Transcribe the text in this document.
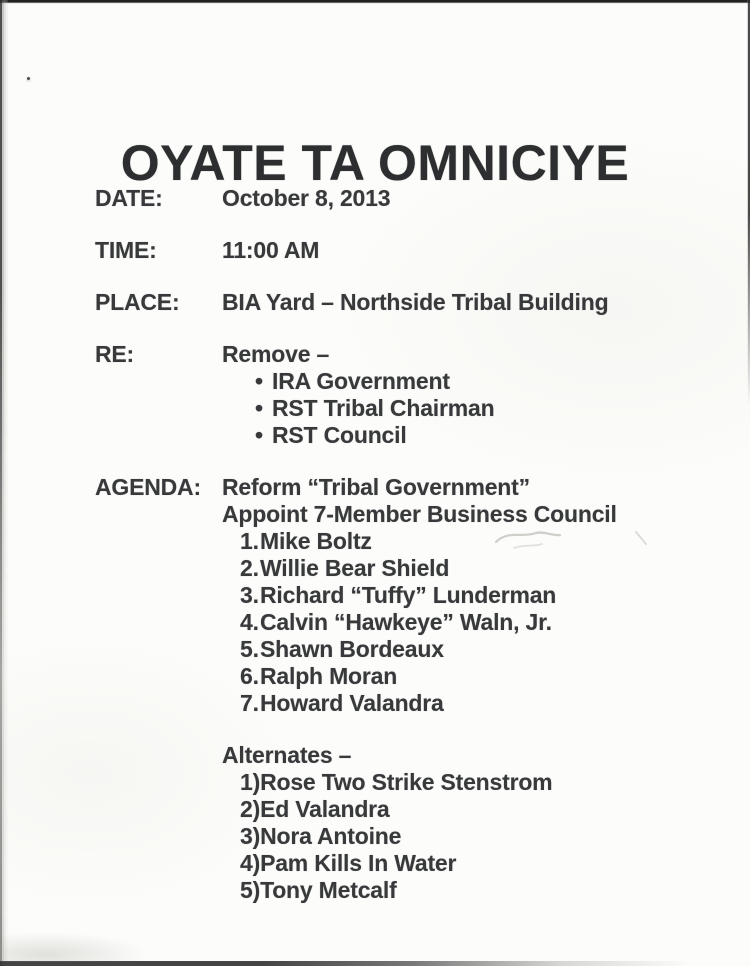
OYATE TA OMNICIYE
DATE:	October 8, 2013
TIME:	11:00 AM
PLACE:	BIA Yard – Northside Tribal Building
RE:	Remove –
• IRA Government
• RST Tribal Chairman
• RST Council
AGENDA: Reform “Tribal Government”
Appoint 7-Member Business Council
1.Mike Boltz
2.Willie Bear Shield
3.Richard “Tuffy” Lunderman
4.Calvin “Hawkeye” Waln, Jr.
5.Shawn Bordeaux
6.Ralph Moran
7.Howard Valandra
Alternates –
1)Rose Two Strike Stenstrom
2)Ed Valandra
3)Nora Antoine
4)Pam Kills In Water
5)Tony Metcalf
